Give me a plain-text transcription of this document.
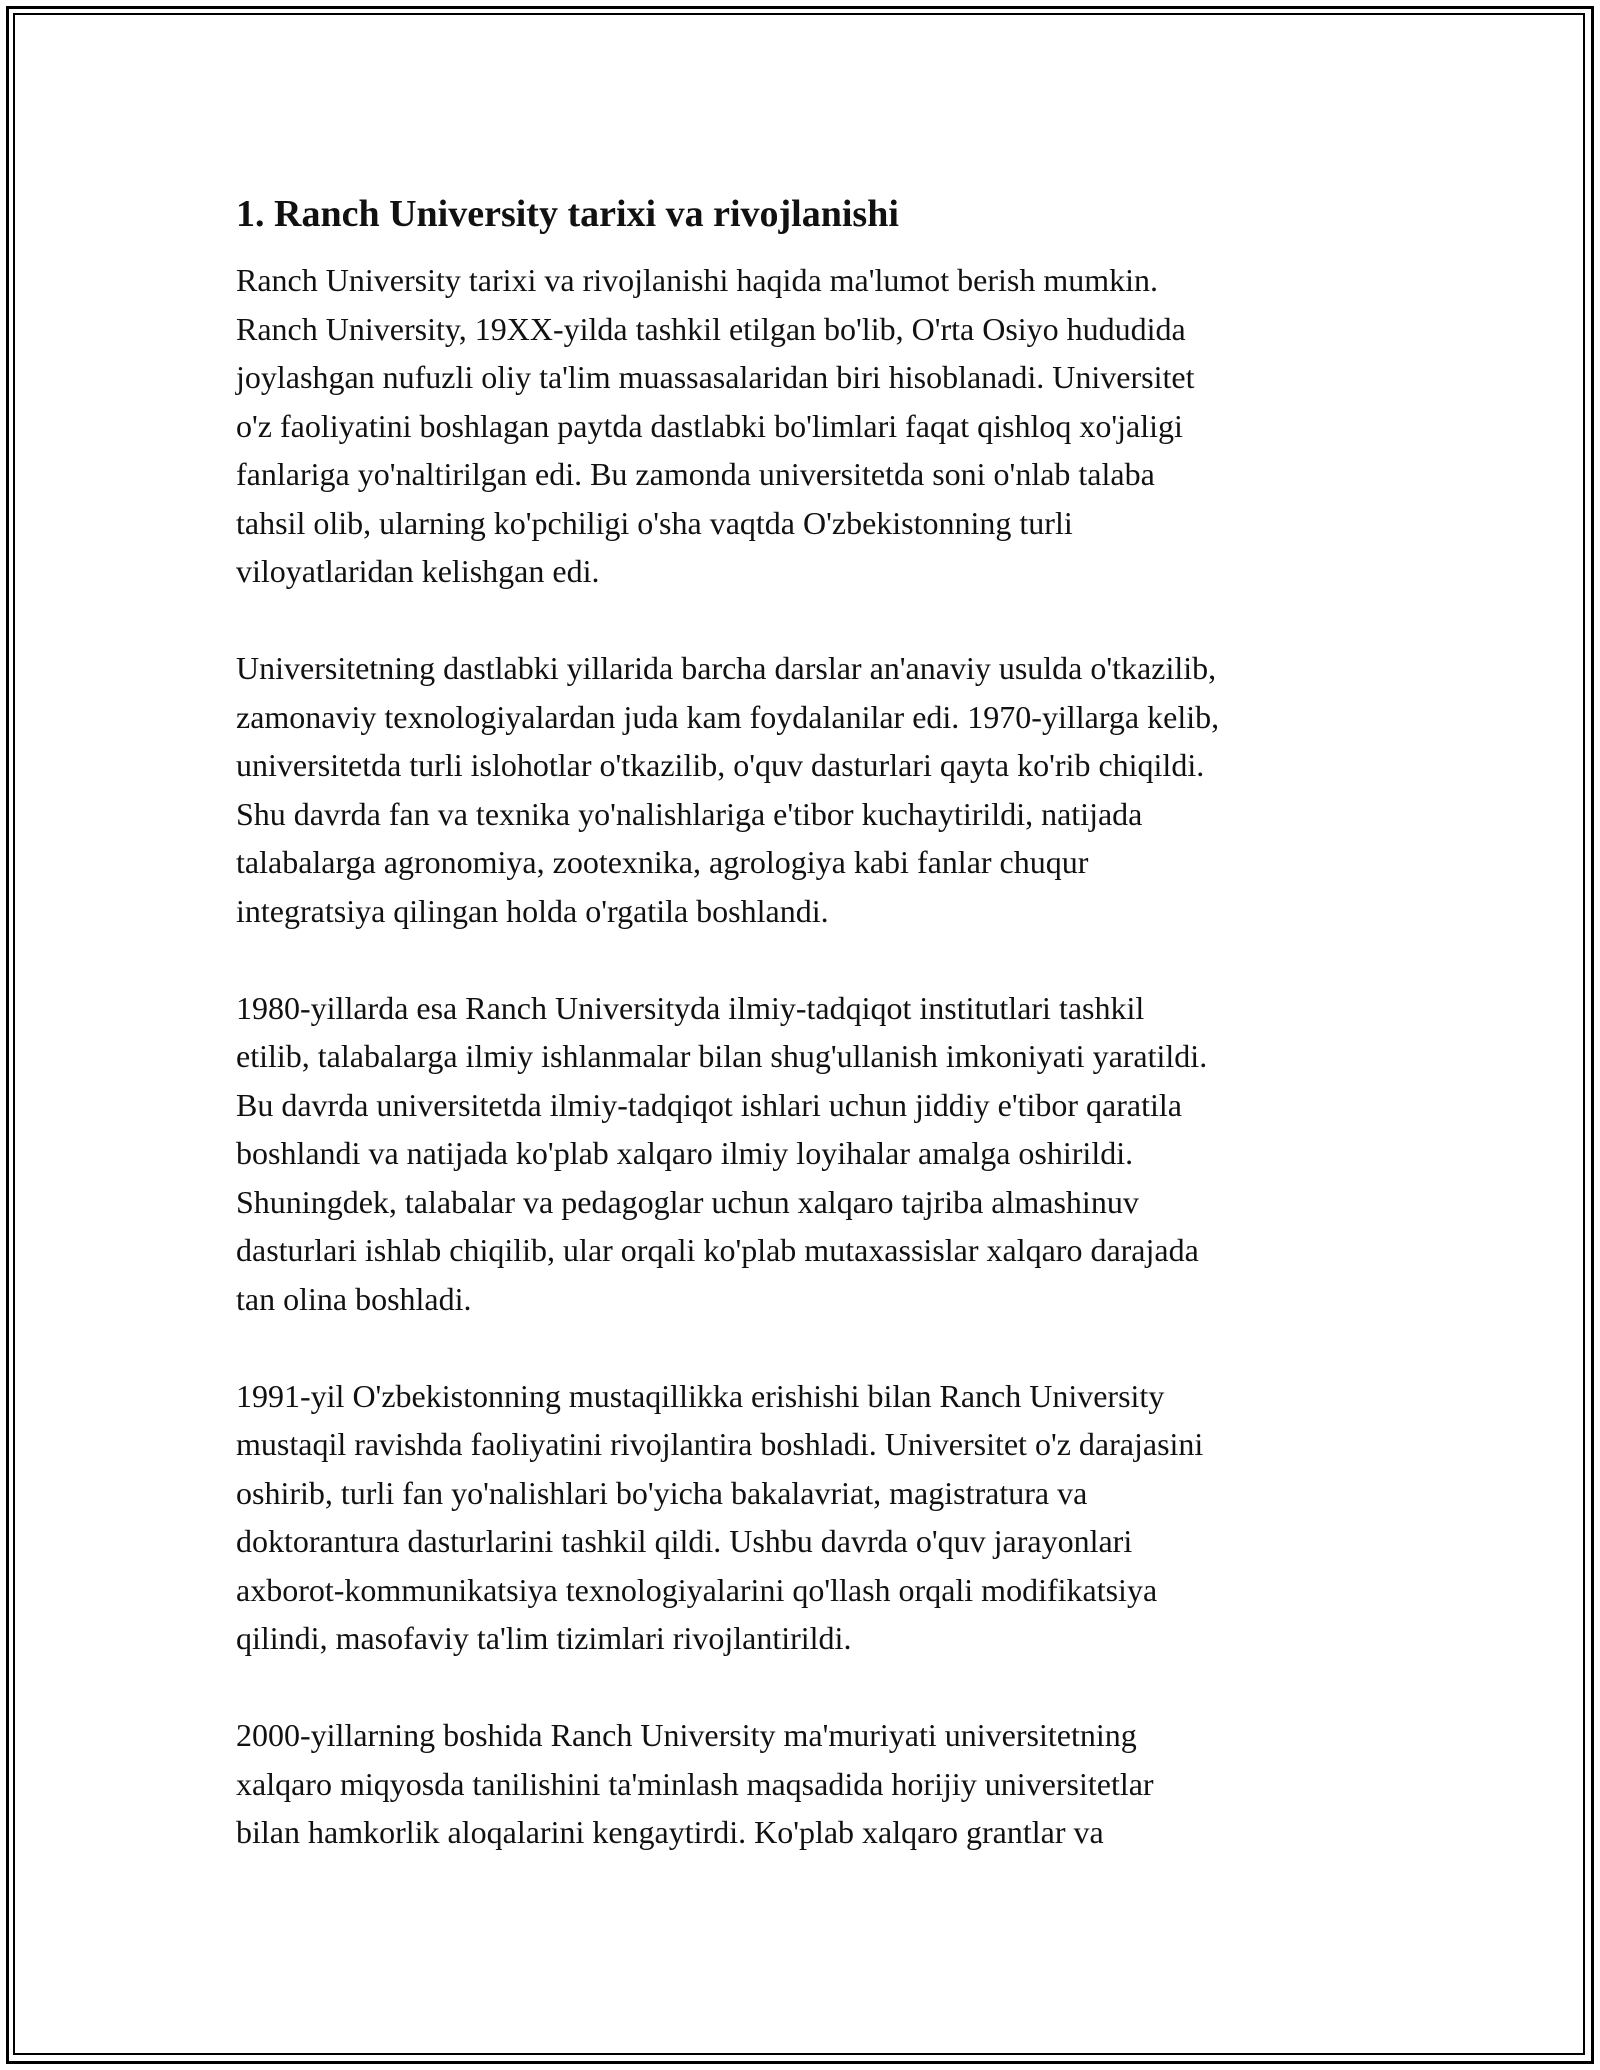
1. Ranch University tarixi va rivojlanishi

Ranch University tarixi va rivojlanishi haqida ma'lumot berish mumkin.
Ranch University, 19XX-yilda tashkil etilgan bo'lib, O'rta Osiyo hududida
joylashgan nufuzli oliy ta'lim muassasalaridan biri hisoblanadi. Universitet
o'z faoliyatini boshlagan paytda dastlabki bo'limlari faqat qishloq xo'jaligi
fanlariga yo'naltirilgan edi. Bu zamonda universitetda soni o'nlab talaba
tahsil olib, ularning ko'pchiligi o'sha vaqtda O'zbekistonning turli
viloyatlaridan kelishgan edi.

Universitetning dastlabki yillarida barcha darslar an'anaviy usulda o'tkazilib,
zamonaviy texnologiyalardan juda kam foydalanilar edi. 1970-yillarga kelib,
universitetda turli islohotlar o'tkazilib, o'quv dasturlari qayta ko'rib chiqildi.
Shu davrda fan va texnika yo'nalishlariga e'tibor kuchaytirildi, natijada
talabalarga agronomiya, zootexnika, agrologiya kabi fanlar chuqur
integratsiya qilingan holda o'rgatila boshlandi.

1980-yillarda esa Ranch Universityda ilmiy-tadqiqot institutlari tashkil
etilib, talabalarga ilmiy ishlanmalar bilan shug'ullanish imkoniyati yaratildi.
Bu davrda universitetda ilmiy-tadqiqot ishlari uchun jiddiy e'tibor qaratila
boshlandi va natijada ko'plab xalqaro ilmiy loyihalar amalga oshirildi.
Shuningdek, talabalar va pedagoglar uchun xalqaro tajriba almashinuv
dasturlari ishlab chiqilib, ular orqali ko'plab mutaxassislar xalqaro darajada
tan olina boshladi.

1991-yil O'zbekistonning mustaqillikka erishishi bilan Ranch University
mustaqil ravishda faoliyatini rivojlantira boshladi. Universitet o'z darajasini
oshirib, turli fan yo'nalishlari bo'yicha bakalavriat, magistratura va
doktorantura dasturlarini tashkil qildi. Ushbu davrda o'quv jarayonlari
axborot-kommunikatsiya texnologiyalarini qo'llash orqali modifikatsiya
qilindi, masofaviy ta'lim tizimlari rivojlantirildi.

2000-yillarning boshida Ranch University ma'muriyati universitetning
xalqaro miqyosda tanilishini ta'minlash maqsadida horijiy universitetlar
bilan hamkorlik aloqalarini kengaytirdi. Ko'plab xalqaro grantlar va
